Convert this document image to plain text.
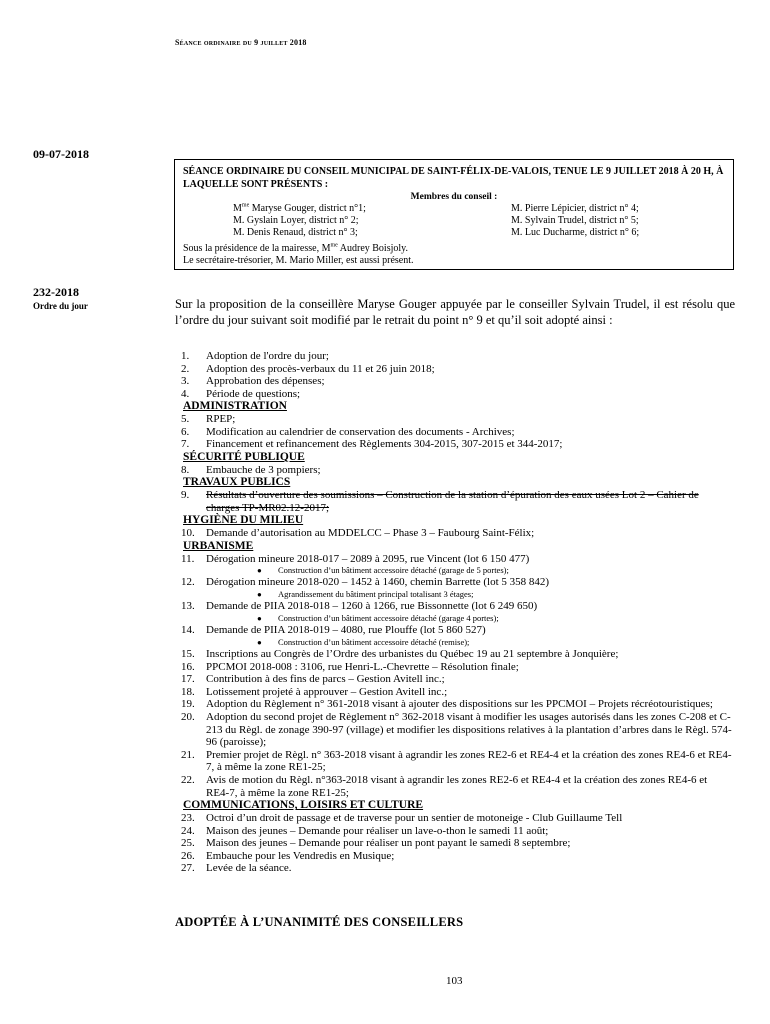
Séance ordinaire du 9 juillet 2018
09-07-2018
SÉANCE ORDINAIRE DU CONSEIL MUNICIPAL DE SAINT-FÉLIX-DE-VALOIS, TENUE LE 9 JUILLET 2018 À 20 H, À LAQUELLE SONT PRÉSENTS :
Membres du conseil :
$M^{me}$ Maryse Gouger, district n°1;
M. Gyslain Loyer, district n° 2;
M. Denis Renaud, district n° 3;
M. Pierre Lépicier, district n° 4;
M. Sylvain Trudel, district n° 5;
M. Luc Ducharme, district n° 6;
Sous la présidence de la mairesse, $M^{me}$ Audrey Boisjoly.
Le secrétaire-trésorier, M. Mario Miller, est aussi présent.
232-2018
Ordre du jour	Sur la proposition de la conseillère Maryse Gouger appuyée par le conseiller Sylvain Trudel, il est résolu que l’ordre du jour suivant soit modifié par le retrait du point n° 9 et qu’il soit adopté ainsi :
1. Adoption de l'ordre du jour;
2. Adoption des procès-verbaux du 11 et 26 juin 2018;
3. Approbation des dépenses;
4. Période de questions;
ADMINISTRATION
5. RPEP;
6. Modification au calendrier de conservation des documents - Archives;
7. Financement et refinancement des Règlements 304-2015, 307-2015 et 344-2017;
SÉCURITÉ PUBLIQUE
8. Embauche de 3 pompiers;
TRAVAUX PUBLICS
9. Résultats d’ouverture des soumissions – Construction de la station d’épuration des eaux usées Lot 2 – Cahier de charges TP-MR02.12-2017;
HYGIÈNE DU MILIEU
10. Demande d’autorisation au MDDELCC – Phase 3 – Faubourg Saint-Félix;
URBANISME
11. Dérogation mineure 2018-017 – 2089 à 2095, rue Vincent (lot 6 150 477)
● Construction d’un bâtiment accessoire détaché (garage de 5 portes);
12. Dérogation mineure 2018-020 – 1452 à 1460, chemin Barrette (lot 5 358 842)
● Agrandissement du bâtiment principal totalisant 3 étages;
13. Demande de PIIA 2018-018 – 1260 à 1266, rue Bissonnette (lot 6 249 650)
● Construction d’un bâtiment accessoire détaché (garage 4 portes);
14. Demande de PIIA 2018-019 – 4080, rue Plouffe (lot 5 860 527)
● Construction d’un bâtiment accessoire détaché (remise);
15. Inscriptions au Congrès de l’Ordre des urbanistes du Québec 19 au 21 septembre à Jonquière;
16. PPCMOI 2018-008 : 3106, rue Henri-L.-Chevrette – Résolution finale;
17. Contribution à des fins de parcs – Gestion Avitell inc.;
18. Lotissement projeté à approuver – Gestion Avitell inc.;
19. Adoption du Règlement n° 361-2018 visant à ajouter des dispositions sur les PPCMOI – Projets récréotouristiques;
20. Adoption du second projet de Règlement n° 362-2018 visant à modifier les usages autorisés dans les zones C-208 et C-213 du Règl. de zonage 390-97 (village) et modifier les dispositions relatives à la plantation d’arbres dans le Règl. 574-96 (paroisse);
21. Premier projet de Règl. n° 363-2018 visant à agrandir les zones RE2-6 et RE4-4 et la création des zones RE4-6 et RE4-7, à même la zone RE1-25;
22. Avis de motion du Règl. n°363-2018 visant à agrandir les zones RE2-6 et RE4-4 et la création des zones RE4-6 et RE4-7, à même la zone RE1-25;
COMMUNICATIONS, LOISIRS ET CULTURE
23. Octroi d’un droit de passage et de traverse pour un sentier de motoneige - Club Guillaume Tell
24. Maison des jeunes – Demande pour réaliser un lave-o-thon le samedi 11 août;
25. Maison des jeunes – Demande pour réaliser un pont payant le samedi 8 septembre;
26. Embauche pour les Vendredis en Musique;
27. Levée de la séance.
ADOPTÉE À L’UNANIMITÉ DES CONSEILLERS
103
